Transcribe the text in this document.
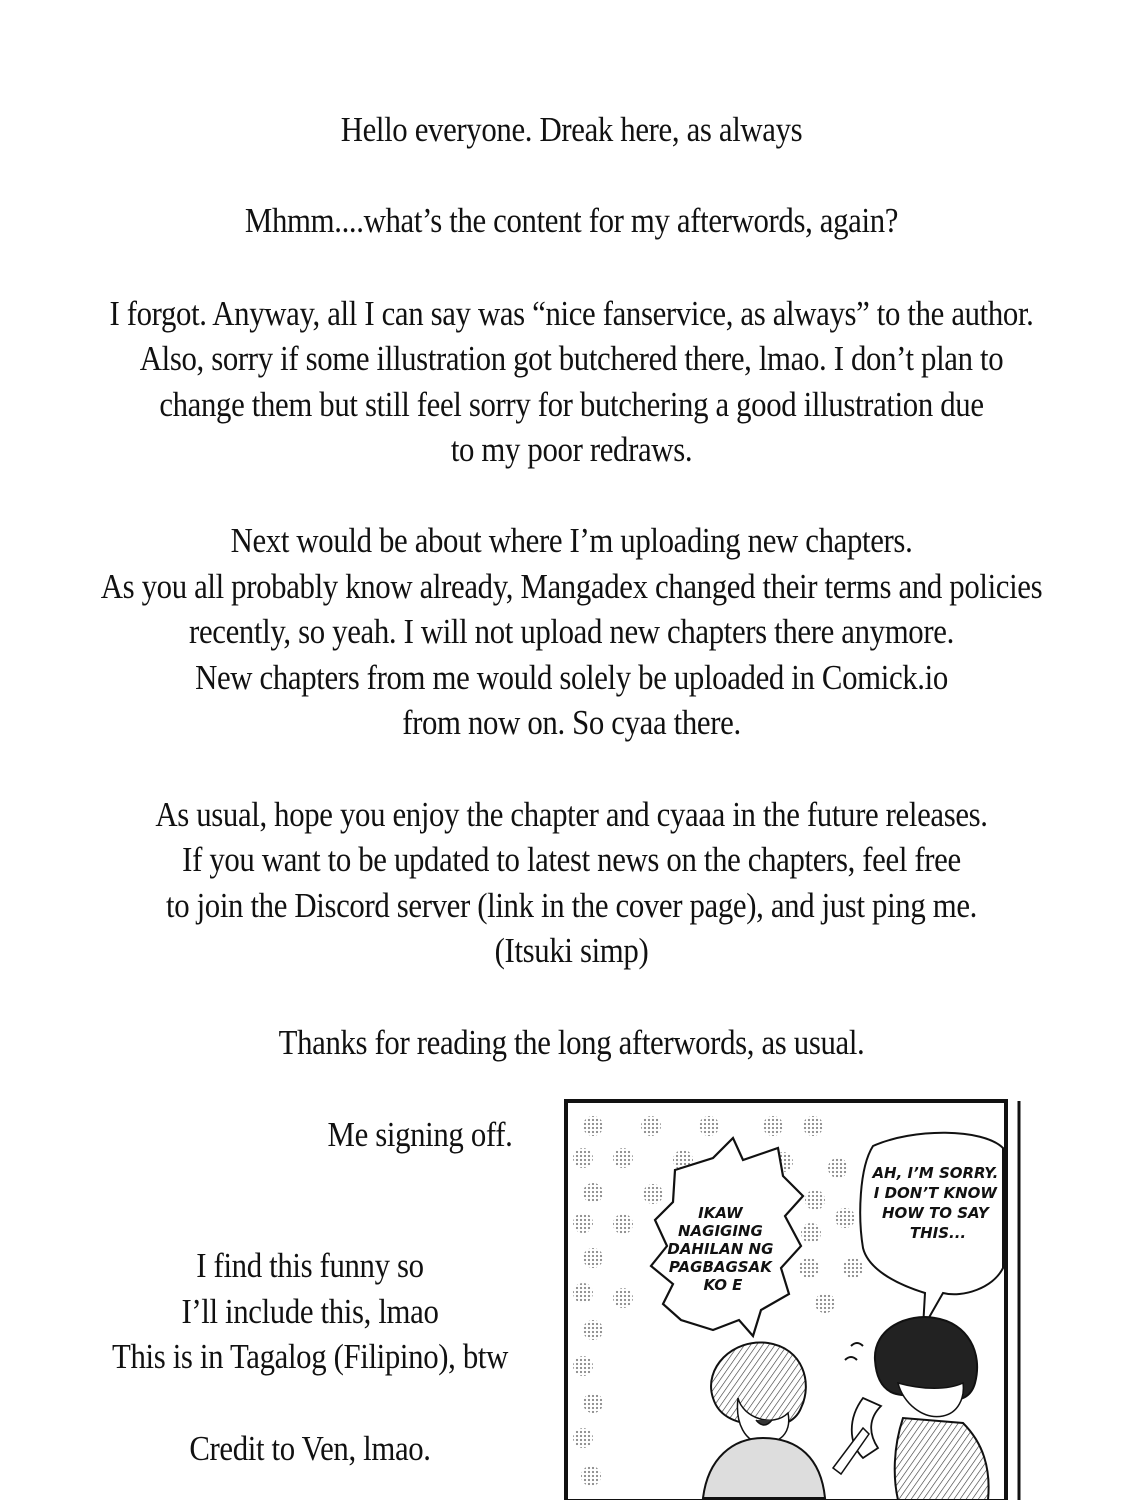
Hello everyone. Dreak here, as always
Mhmm....what’s the content for my afterwords, again?
I forgot. Anyway, all I can say was “nice fanservice, as always” to the author.
Also, sorry if some illustration got butchered there, lmao. I don’t plan to
change them but still feel sorry for butchering a good illustration due
to my poor redraws.
Next would be about where I’m uploading new chapters.
As you all probably know already, Mangadex changed their terms and policies
recently, so yeah. I will not upload new chapters there anymore.
New chapters from me would solely be uploaded in Comick.io
from now on. So cyaa there.
As usual, hope you enjoy the chapter and cyaaa in the future releases.
If you want to be updated to latest news on the chapters, feel free
to join the Discord server (link in the cover page), and just ping me.
(Itsuki simp)
Thanks for reading the long afterwords, as usual.
Me signing off.
I find this funny so
I’ll include this, lmao
This is in Tagalog (Filipino), btw
Credit to Ven, lmao.
IKAW NAGIGING DAHILAN NG PAGBAGSAK KO E
AH, I’M SORRY. I DON’T KNOW HOW TO SAY THIS...
